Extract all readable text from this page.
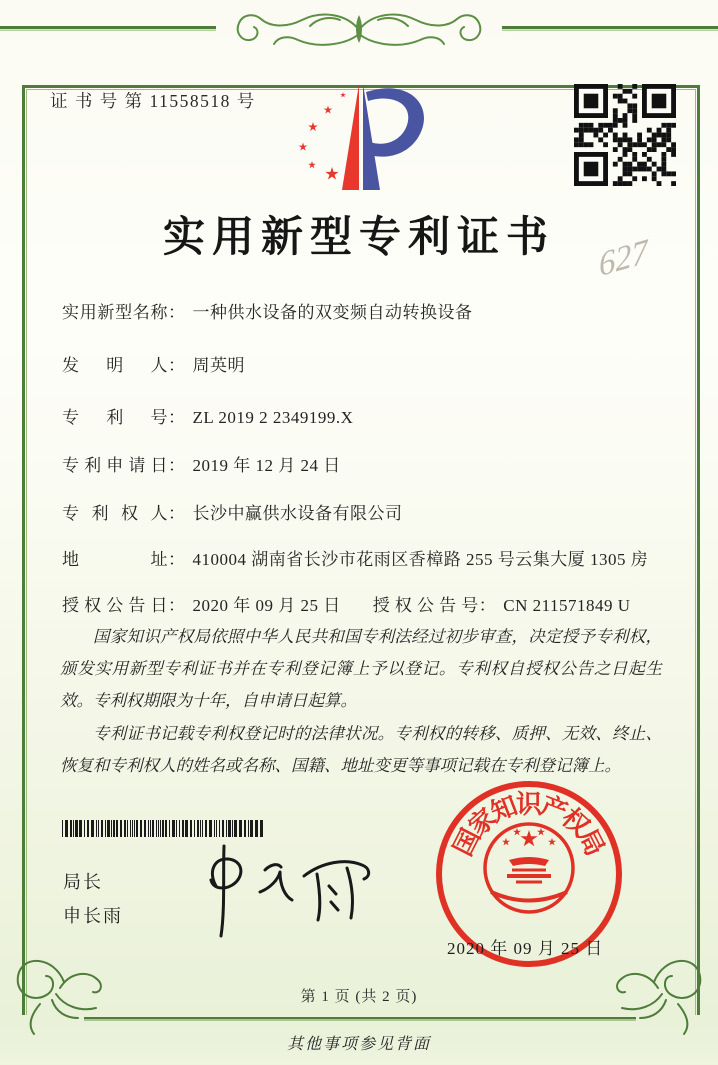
证 书 号 第 11558518 号
实用新型专利证书	627
实用新型名称： 一种供水设备的双变频自动转换设备
发明人： 周英明
专利号： ZL 2019 2 2349199.X
专利申请日： 2019 年 12 月 24 日
专利权人： 长沙中赢供水设备有限公司
地址： 410004 湖南省长沙市花雨区香樟路 255 号云集大厦 1305 房
授权公告日： 2020 年 09 月 25 日 授权公告号： CN 211571849 U

国家知识产权局依照中华人民共和国专利法经过初步审查，决定授予专利权，颁发实用新型专利证书并在专利登记簿上予以登记。专利权自授权公告之日起生效。专利权期限为十年，自申请日起算。

专利证书记载专利权登记时的法律状况。专利权的转移、质押、无效、终止、恢复和专利权人的姓名或名称、国籍、地址变更等事项记载在专利登记簿上。

局长
申长雨
国
家
知
识
产
权
局
2020 年 09 月 25 日
第 1 页 (共 2 页)
其他事项参见背面
